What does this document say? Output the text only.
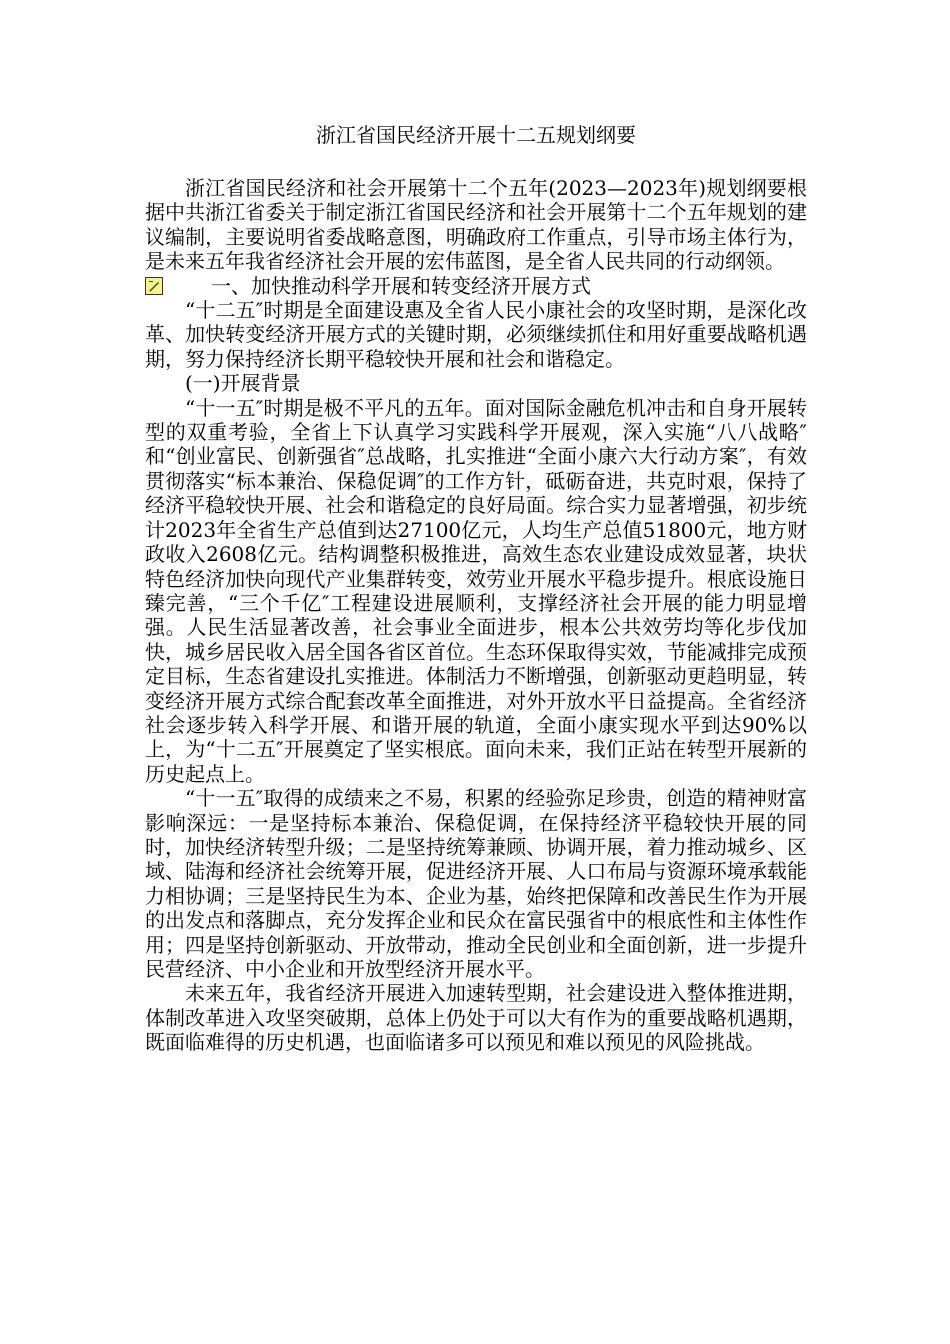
浙江省国民经济开展十二五规划纲要

浙江省国民经济和社会开展第十二个五年(2023—2023年)规划纲要根据中共浙江省委关于制定浙江省国民经济和社会开展第十二个五年规划的建议编制，主要说明省委战略意图，明确政府工作重点，引导市场主体行为，是未来五年我省经济社会开展的宏伟蓝图，是全省人民共同的行动纲领。

一、加快推动科学开展和转变经济开展方式

“十二五″时期是全面建设惠及全省人民小康社会的攻坚时期，是深化改革、加快转变经济开展方式的关键时期，必须继续抓住和用好重要战略机遇期，努力保持经济长期平稳较快开展和社会和谐稳定。

(一)开展背景

“十一五″时期是极不平凡的五年。面对国际金融危机冲击和自身开展转型的双重考验，全省上下认真学习实践科学开展观，深入实施“八八战略″和“创业富民、创新强省″总战略，扎实推进“全面小康六大行动方案″，有效贯彻落实“标本兼治、保稳促调″的工作方针，砥砺奋进，共克时艰，保持了经济平稳较快开展、社会和谐稳定的良好局面。综合实力显著增强，初步统计2023年全省生产总值到达27100亿元，人均生产总值51800元，地方财政收入2608亿元。结构调整积极推进，高效生态农业建设成效显著，块状特色经济加快向现代产业集群转变，效劳业开展水平稳步提升。根底设施日臻完善，“三个千亿″工程建设进展顺利，支撑经济社会开展的能力明显增强。人民生活显著改善，社会事业全面进步，根本公共效劳均等化步伐加快，城乡居民收入居全国各省区首位。生态环保取得实效，节能减排完成预定目标，生态省建设扎实推进。体制活力不断增强，创新驱动更趋明显，转变经济开展方式综合配套改革全面推进，对外开放水平日益提高。全省经济社会逐步转入科学开展、和谐开展的轨道，全面小康实现水平到达90%以上，为“十二五″开展奠定了坚实根底。面向未来，我们正站在转型开展新的历史起点上。

“十一五″取得的成绩来之不易，积累的经验弥足珍贵，创造的精神财富影响深远：一是坚持标本兼治、保稳促调，在保持经济平稳较快开展的同时，加快经济转型升级；二是坚持统筹兼顾、协调开展，着力推动城乡、区域、陆海和经济社会统筹开展，促进经济开展、人口布局与资源环境承载能力相协调；三是坚持民生为本、企业为基，始终把保障和改善民生作为开展的出发点和落脚点，充分发挥企业和民众在富民强省中的根底性和主体性作用；四是坚持创新驱动、开放带动，推动全民创业和全面创新，进一步提升民营经济、中小企业和开放型经济开展水平。

未来五年，我省经济开展进入加速转型期，社会建设进入整体推进期，体制改革进入攻坚突破期，总体上仍处于可以大有作为的重要战略机遇期，既面临难得的历史机遇，也面临诸多可以预见和难以预见的风险挑战。
